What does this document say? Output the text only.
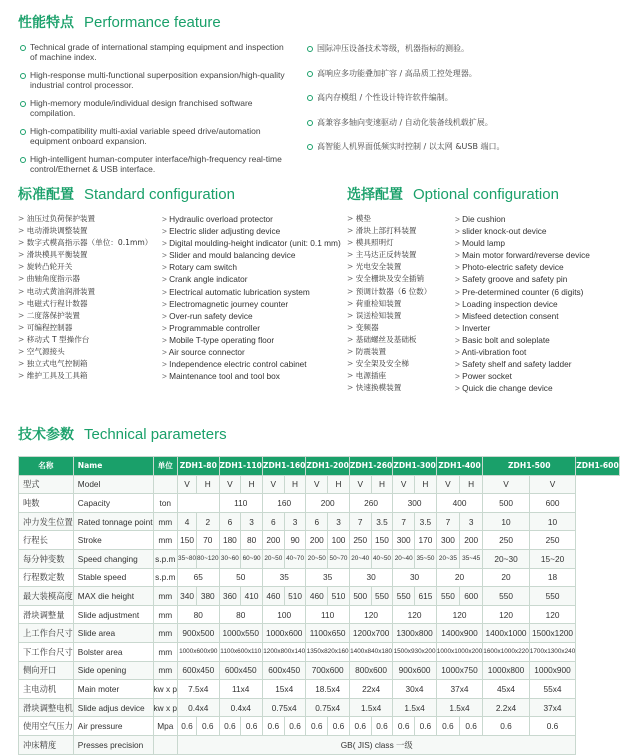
性能特点 Performance feature
Technical grade of international stamping equipment and inspection of machine index.
High-response multi-functional superposition expansion/high-quality industrial control processor.
High-memory module/individual design franchised software compilation.
High-compatibility multi-axial variable speed drive/automation equipment onboard expansion.
High-intelligent human-computer interface/high-frequency real-time control/Ethernet & USB interface.
国际冲压设备技术等级，机器指标的测验。
高响应多功能叠加扩容 / 高品质工控处理器。
高内存模组 / 个性设计特许软件编制。
高兼容多轴向变速驱动 / 自动化装备线机载扩展。
高智能人机界面低频实时控制 / 以太网 &USB 端口。
标准配置 Standard configuration
> 油压过负荷保护装置
> 电动滑块调整装置
> 数字式模高指示器（单位：0.1mm）
> 滑块模具平衡装置
> 旋转凸轮开关
> 曲轴角度指示器
> 电动式黄油润滑装置
> 电磁式行程计数器
> 二度落保护装置
> 可编程控制器
> 移动式 T 型操作台
> 空气源接头
> 独立式电气控制箱
> 维护工具及工具箱
> Hydraulic overload protector
> Electric slider adjusting device
> Digital moulding-height indicator (unit: 0.1 mm)
> Slider and mould balancing device
> Rotary cam switch
> Crank angle indicator
> Electrical automatic lubrication system
> Electromagnetic journey counter
> Over-run safety device
> Programmable controller
> Mobile T-type operating floor
> Air source connector
> Independence electric control cabinet
> Maintenance tool and tool box
选择配置 Optional configuration
> 模垫
> 滑块上部打料装置
> 模具照明灯
> 主马达正反转装置
> 光电安全装置
> 安全栅块及安全插销
> 预调计数器（6 位数）
> 荷重检知装置
> 误送检知装置
> 变频器
> 基础螺丝及基础板
> 防震装置
> 安全架及安全梯
> 电源插座
> 快速换模装置
> Die cushion
> slider knock-out device
> Mould lamp
> Main motor forward/reverse device
> Photo-electric safety device
> Safety groove and safety pin
> Pre-determined counter (6 digits)
> Loading inspection device
> Misfeed detection consent
> Inverter
> Basic bolt and soleplate
> Anti-vibration foot
> Safety shelf and safety ladder
> Power socket
> Quick die change device
技术参数 Technical parameters
名称	Name	单位	ZDH1-80		ZDH1-110		ZDH1-160		ZDH1-200		ZDH1-260		ZDH1-300		ZDH1-400		ZDH1-500		ZDH1-600
型式	Model		V	H	V	H	V	H	V	H	V	H	V	H	V	H	V	V	
吨数	Capacity	ton			110		160		200		260		300		400		500	600	
冲力发生位置	Rated tonnage point	mm	4	2	6	3	6	3	6	3	7	3.5	7	3.5	7	3	10	10	
行程长	Stroke	mm	150	70	180	80	200	90	200	100	250	150	300	170	300	200	250	250	
每分钟变数	Speed changing	s.p.m	35~80	80~120	30~60	60~90	20~50	40~70	20~50	50~70	20~40	40~50	20~40	35~50	20~35	35~45	20~30	15~20	
行程数定数	Stable speed	s.p.m	65		50		35		35		30		30		20		20	18	
最大装模高度	MAX die height	mm	340	380	360	410	460	510	460	510	500	550	550	615	550	600	550	550	
滑块调整量	Slide adjustment	mm	80		80		100		110		120		120		120		120	120	
上工作台尺寸	Slide area	mm	900x500		1000x550		1000x600		1100x650		1200x700		1300x800		1400x900		1400x1000	1500x1200	
下工作台尺寸	Bolster area	mm	1000x600x90		1100x600x110		1200x800x140		1350x820x160		1400x840x180		1500x930x200		1000x1000x200		1600x1000x220	1700x1300x240	
侧向开口	Side opening	mm	600x450		600x450		600x450		700x600		800x600		900x600		1000x750		1000x800	1000x900	
主电动机	Main moter	kw x p	7.5x4		11x4		15x4		18.5x4		22x4		30x4		37x4		45x4	55x4	
滑块调整电机	Slide adjus device	kw x p	0.4x4		0.4x4		0.75x4		0.75x4		1.5x4		1.5x4		1.5x4		2.2x4	37x4	
使用空气压力	Air pressure	Mpa	0.6	0.6	0.6	0.6	0.6	0.6	0.6	0.6	0.6	0.6	0.6	0.6	0.6	0.6	0.6	0.6	
冲床精度	Presses precision		GB( JIS) class 一级																
